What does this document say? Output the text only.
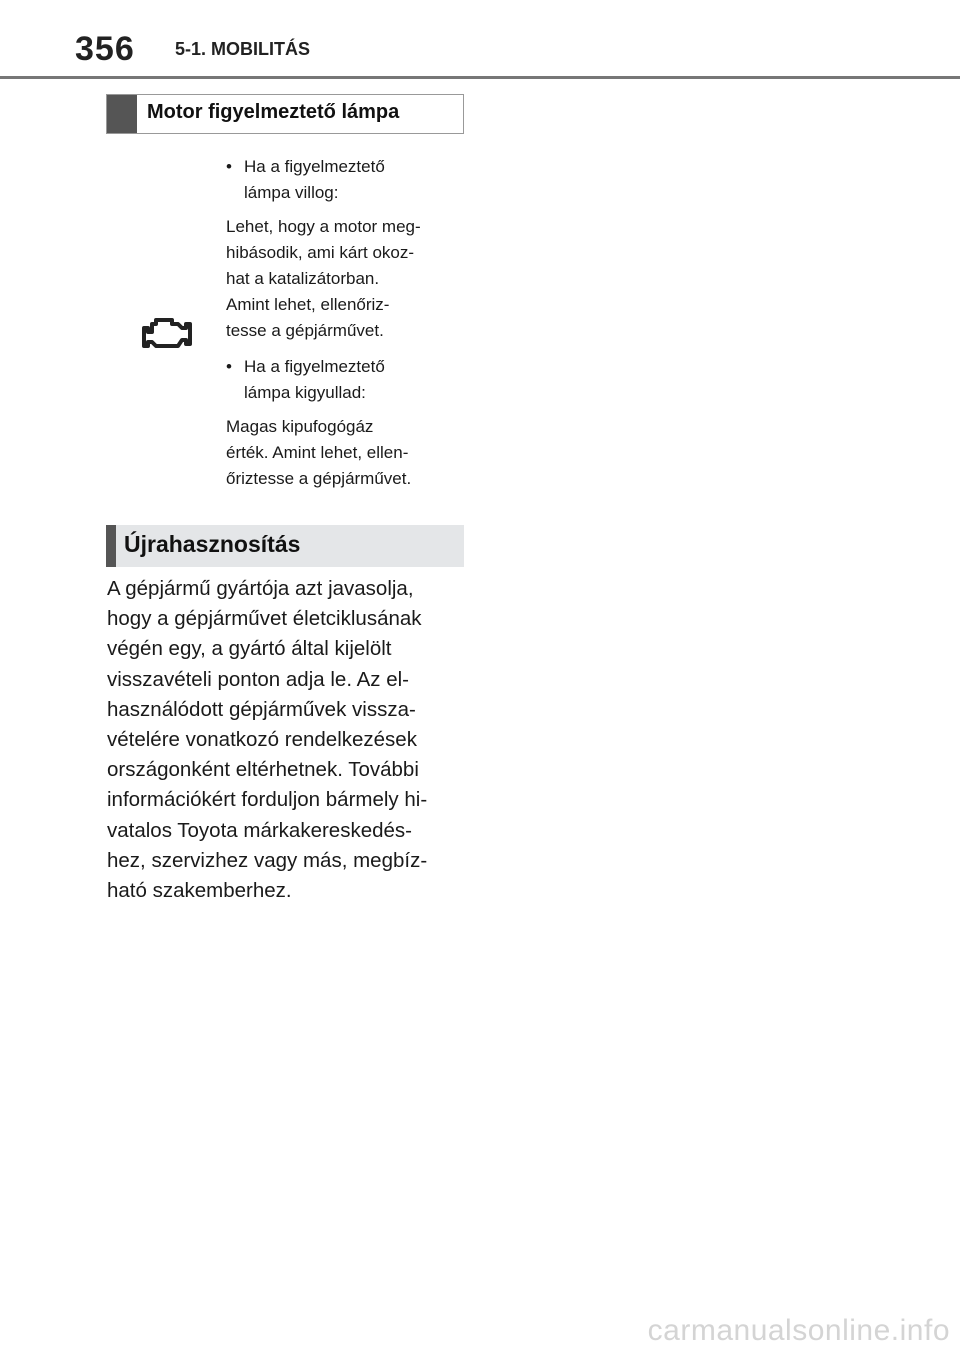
356 5-1. MOBILITÁS
Motor figyelmeztető lámpa
• Ha a figyelmeztető
lámpa villog:

Lehet, hogy a motor meg-
hibásodik, ami kárt okoz-
hat a katalizátorban.
Amint lehet, ellenőriz-
tesse a gépjárművet.

• Ha a figyelmeztető
lámpa kigyullad:

Magas kipufogógáz
érték. Amint lehet, ellen-
őriztesse a gépjárművet.

Újrahasznosítás
A gépjármű gyártója azt javasolja,
hogy a gépjárművet életciklusának
végén egy, a gyártó által kijelölt
visszavételi ponton adja le. Az el-
használódott gépjárművek vissza-
vételére vonatkozó rendelkezések
országonként eltérhetnek. További
információkért forduljon bármely hi-
vatalos Toyota márkakereskedés-
hez, szervizhez vagy más, megbíz-
ható szakemberhez.
carmanualsonline.info
